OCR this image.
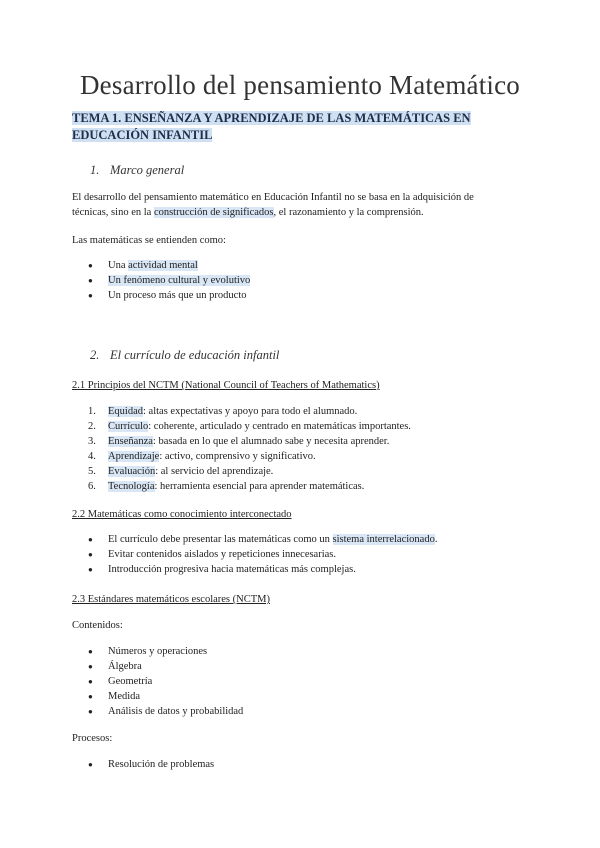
Desarrollo del pensamiento Matemático
TEMA 1. ENSEÑANZA Y APRENDIZAJE DE LAS MATEMÁTICAS EN EDUCACIÓN INFANTIL
1. Marco general
El desarrollo del pensamiento matemático en Educación Infantil no se basa en la adquisición de técnicas, sino en la construcción de significados, el razonamiento y la comprensión.
Las matemáticas se entienden como:
● Una actividad mental
● Un fenómeno cultural y evolutivo
● Un proceso más que un producto
2. El currículo de educación infantil
2.1 Principios del NCTM (National Council of Teachers of Mathematics)
1. Equidad: altas expectativas y apoyo para todo el alumnado.
2. Currículo: coherente, articulado y centrado en matemáticas importantes.
3. Enseñanza: basada en lo que el alumnado sabe y necesita aprender.
4. Aprendizaje: activo, comprensivo y significativo.
5. Evaluación: al servicio del aprendizaje.
6. Tecnología: herramienta esencial para aprender matemáticas.
2.2 Matemáticas como conocimiento interconectado
● El currículo debe presentar las matemáticas como un sistema interrelacionado.
● Evitar contenidos aislados y repeticiones innecesarias.
● Introducción progresiva hacia matemáticas más complejas.
2.3 Estándares matemáticos escolares (NCTM)
Contenidos:
● Números y operaciones
● Álgebra
● Geometría
● Medida
● Análisis de datos y probabilidad
Procesos:
● Resolución de problemas
